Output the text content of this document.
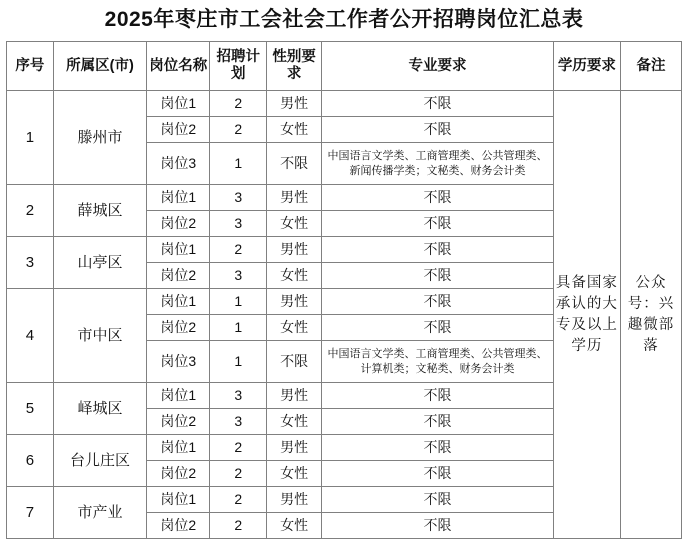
2025年枣庄市工会社会工作者公开招聘岗位汇总表
序号	所属区(市)	岗位名称	招聘计划	性别要求	专业要求	学历要求	备注
1	滕州市	岗位1	2	男性	不限	具备国家承认的大专及以上学历	公众号：兴趣微部落
		岗位2	2	女性	不限		
		岗位3	1	不限	中国语言文学类、工商管理类、公共管理类、新闻传播学类；文秘类、财务会计类		
2	薛城区	岗位1	3	男性	不限		
		岗位2	3	女性	不限		
3	山亭区	岗位1	2	男性	不限		
		岗位2	3	女性	不限		
4	市中区	岗位1	1	男性	不限		
		岗位2	1	女性	不限		
		岗位3	1	不限	中国语言文学类、工商管理类、公共管理类、计算机类；文秘类、财务会计类		
5	峄城区	岗位1	3	男性	不限		
		岗位2	3	女性	不限		
6	台儿庄区	岗位1	2	男性	不限		
		岗位2	2	女性	不限		
7	市产业	岗位1	2	男性	不限		
		岗位2	2	女性	不限		
